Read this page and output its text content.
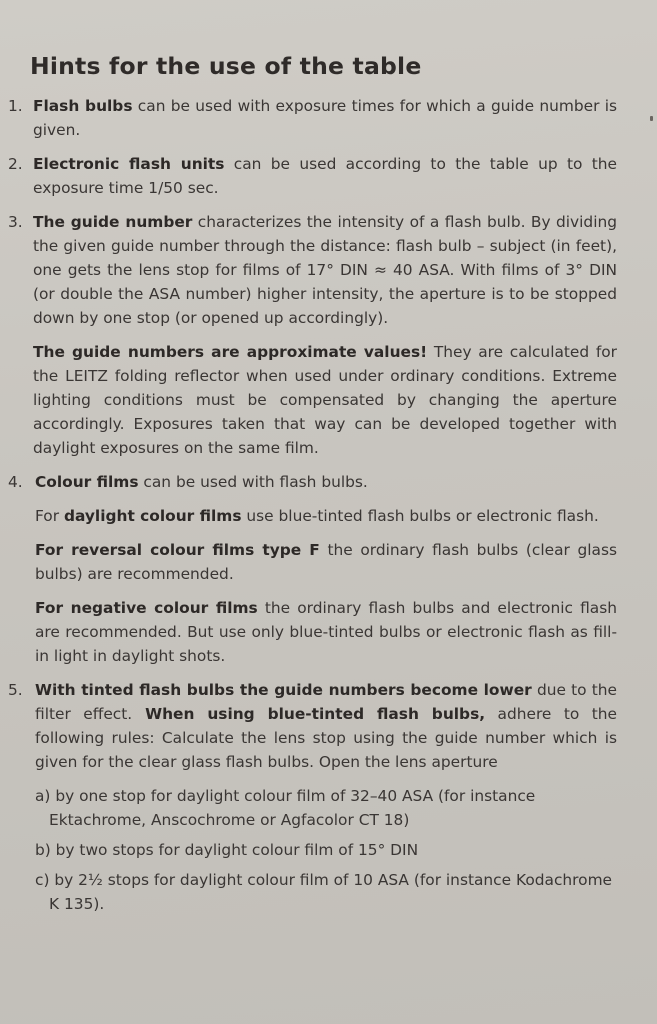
Hints for the use of the table
1. Flash bulbs can be used with exposure times for which a guide number is given.

2. Electronic flash units can be used according to the table up to the exposure time 1/50 sec.

3. The guide number characterizes the intensity of a flash bulb. By dividing the given guide number through the distance: flash bulb – subject (in feet), one gets the lens stop for films of 17° DIN ≈ 40 ASA. With films of 3° DIN (or double the ASA number) higher intensity, the aperture is to be stopped down by one stop (or opened up accordingly).

The guide numbers are approximate values! They are calculated for the LEITZ folding reflector when used under ordinary conditions. Extreme lighting conditions must be compensated by changing the aperture accordingly. Exposures taken that way can be developed together with daylight exposures on the same film.

4. Colour films can be used with flash bulbs.

For daylight colour films use blue-tinted flash bulbs or electronic flash.

For reversal colour films type F the ordinary flash bulbs (clear glass bulbs) are recommended.

For negative colour films the ordinary flash bulbs and electronic flash are recommended. But use only blue-tinted bulbs or electronic flash as fill-in light in daylight shots.

5. With tinted flash bulbs the guide numbers become lower due to the filter effect. When using blue-tinted flash bulbs, adhere to the following rules: Calculate the lens stop using the guide number which is given for the clear glass flash bulbs. Open the lens aperture

a) by one stop for daylight colour film of 32–40 ASA (for instance Ektachrome, Anscochrome or Agfacolor CT 18)

b) by two stops for daylight colour film of 15° DIN

c) by 2½ stops for daylight colour film of 10 ASA (for instance Kodachrome K 135).
